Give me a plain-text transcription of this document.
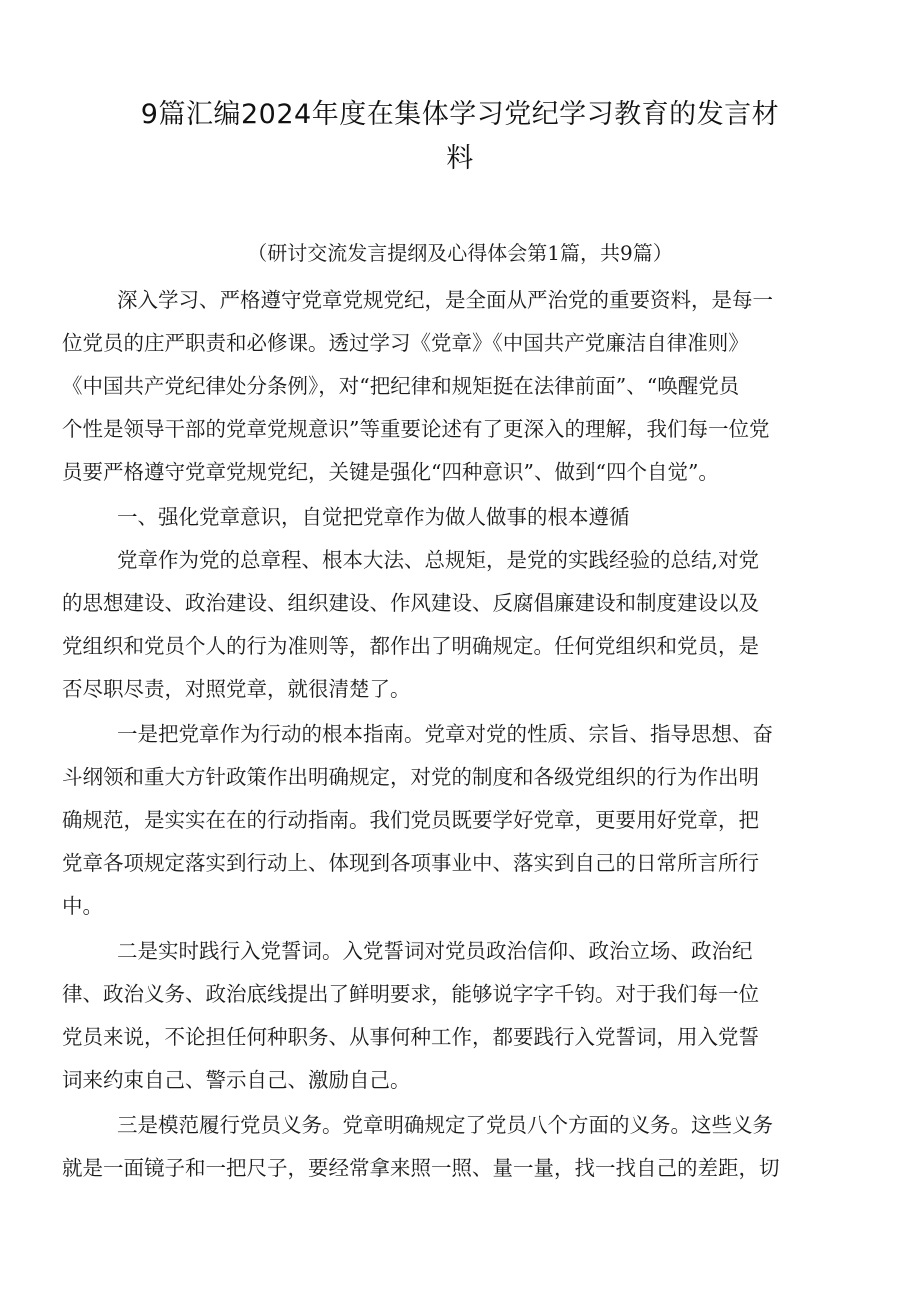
9篇汇编2024年度在集体学习党纪学习教育的发言材
料

（研讨交流发言提纲及心得体会第1篇，共9篇）

深入学习、严格遵守党章党规党纪，是全面从严治党的重要资料，是每一
位党员的庄严职责和必修课。透过学习《党章》《中国共产党廉洁自律准则》
《中国共产党纪律处分条例》，对“把纪律和规矩挺在法律前面”、“唤醒党员
个性是领导干部的党章党规意识”等重要论述有了更深入的理解，我们每一位党
员要严格遵守党章党规党纪，关键是强化“四种意识”、做到“四个自觉”。
一、强化党章意识，自觉把党章作为做人做事的根本遵循
党章作为党的总章程、根本大法、总规矩，是党的实践经验的总结,对党
的思想建设、政治建设、组织建设、作风建设、反腐倡廉建设和制度建设以及
党组织和党员个人的行为准则等，都作出了明确规定。任何党组织和党员，是
否尽职尽责，对照党章，就很清楚了。
一是把党章作为行动的根本指南。党章对党的性质、宗旨、指导思想、奋
斗纲领和重大方针政策作出明确规定，对党的制度和各级党组织的行为作出明
确规范，是实实在在的行动指南。我们党员既要学好党章，更要用好党章，把
党章各项规定落实到行动上、体现到各项事业中、落实到自己的日常所言所行
中。
二是实时践行入党誓词。入党誓词对党员政治信仰、政治立场、政治纪
律、政治义务、政治底线提出了鲜明要求，能够说字字千钧。对于我们每一位
党员来说，不论担任何种职务、从事何种工作，都要践行入党誓词，用入党誓
词来约束自己、警示自己、激励自己。
三是模范履行党员义务。党章明确规定了党员八个方面的义务。这些义务
就是一面镜子和一把尺子，要经常拿来照一照、量一量，找一找自己的差距，切
